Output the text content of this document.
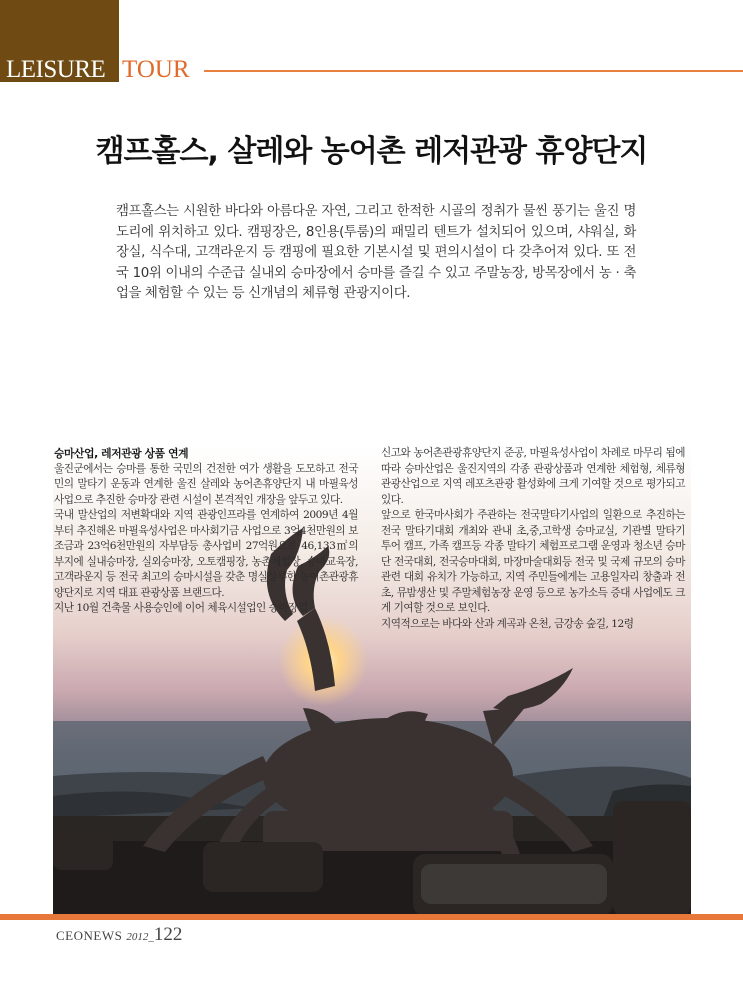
LEISURE TOUR
캠프홀스, 살레와 농어촌 레저관광 휴양단지
캠프홀스는 시원한 바다와 아름다운 자연, 그리고 한적한 시골의 정취가 물씬 풍기는 울진 명도리에 위치하고 있다. 캠핑장은, 8인용(투룸)의 패밀리 텐트가 설치되어 있으며, 샤워실, 화장실, 식수대, 고객라운지 등 캠핑에 필요한 기본시설 및 편의시설이 다 갖추어져 있다. 또 전국 10위 이내의 수준급 실내외 승마장에서 승마를 즐길 수 있고 주말농장, 방목장에서 농 · 축업을 체험할 수 있는 등 신개념의 체류형 관광지이다.
승마산업, 레저관광 상품 연계

울진군에서는 승마를 통한 국민의 건전한 여가 생활을 도모하고 전국민의 말타기 운동과 연계한 울진 살레와 농어촌휴양단지 내 마필육성사업으로 추진한 승마장 관련 시설이 본격적인 개장을 앞두고 있다.

국내 말산업의 저변확대와 지역 관광인프라를 연계하여 2009년 4월부터 추진해온 마필육성사업은 마사회기금 사업으로 3억4천만원의 보조금과 23억6천만원의 자부담등 총사업비 27억원으로 46,133㎡의 부지에 실내승마장, 실외승마장, 오토캠핑장, 농촌체험장, 승마교육장, 고객라운지 등 전국 최고의 승마시설을 갖춘 명실상부한 농어촌관광휴양단지로 지역 대표 관광상품 브랜드다.

지난 10월 건축물 사용승인에 이어 체육시설업인 승마장업

신고와 농어촌관광휴양단지 준공, 마필육성사업이 차례로 마무리 됨에 따라 승마산업은 울진지역의 각종 관광상품과 연계한 체험형, 체류형 관광산업으로 지역 레포츠관광 활성화에 크게 기여할 것으로 평가되고 있다.

앞으로 한국마사회가 주관하는 전국말타기사업의 일환으로 추진하는 전국 말타기대회 개최와 관내 초,중,고학생 승마교실, 기관별 말타기 투어 캠프, 가족 캠프등 각종 말타기 체험프로그램 운영과 청소년 승마단 전국대회, 전국승마대회, 마장마술대회등 전국 및 국제 규모의 승마관련 대회 유치가 가능하고, 지역 주민들에게는 고용일자리 창출과 전초, 뮤밤생산 및 주말체험농장 운영 등으로 농가소득 증대 사업에도 크게 기여할 것으로 보인다.

지역적으로는 바다와 산과 계곡과 온천, 금강송 숲길, 12령

CEONEWS 2012_122
